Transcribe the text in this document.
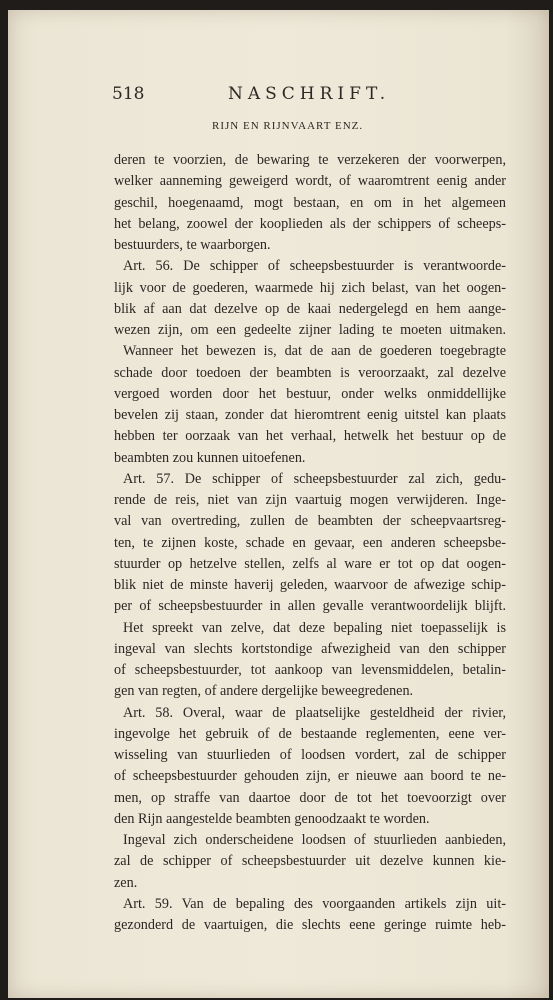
518	NASCHRIFT.
RIJN EN RIJNVAART ENZ.
deren te voorzien, de bewaring te verzekeren der voorwerpen,
welker aanneming geweigerd wordt, of waaromtrent eenig ander
geschil, hoegenaamd, mogt bestaan, en om in het algemeen
het belang, zoowel der kooplieden als der schippers of scheeps-
bestuurders, te waarborgen.
Art. 56. De schipper of scheepsbestuurder is verantwoorde-
lijk voor de goederen, waarmede hij zich belast, van het oogen-
blik af aan dat dezelve op de kaai nedergelegd en hem aange-
wezen zijn, om een gedeelte zijner lading te moeten uitmaken.
Wanneer het bewezen is, dat de aan de goederen toegebragte
schade door toedoen der beambten is veroorzaakt, zal dezelve
vergoed worden door het bestuur, onder welks onmiddellijke
bevelen zij staan, zonder dat hieromtrent eenig uitstel kan plaats
hebben ter oorzaak van het verhaal, hetwelk het bestuur op de
beambten zou kunnen uitoefenen.
Art. 57. De schipper of scheepsbestuurder zal zich, gedu-
rende de reis, niet van zijn vaartuig mogen verwijderen. Inge-
val van overtreding, zullen de beambten der scheepvaartsreg-
ten, te zijnen koste, schade en gevaar, een anderen scheepsbe-
stuurder op hetzelve stellen, zelfs al ware er tot op dat oogen-
blik niet de minste haverij geleden, waarvoor de afwezige schip-
per of scheepsbestuurder in allen gevalle verantwoordelijk blijft.
Het spreekt van zelve, dat deze bepaling niet toepasselijk is
ingeval van slechts kortstondige afwezigheid van den schipper
of scheepsbestuurder, tot aankoop van levensmiddelen, betalin-
gen van regten, of andere dergelijke beweegredenen.
Art. 58. Overal, waar de plaatselijke gesteldheid der rivier,
ingevolge het gebruik of de bestaande reglementen, eene ver-
wisseling van stuurlieden of loodsen vordert, zal de schipper
of scheepsbestuurder gehouden zijn, er nieuwe aan boord te ne-
men, op straffe van daartoe door de tot het toevoorzigt over
den Rijn aangestelde beambten genoodzaakt te worden.
Ingeval zich onderscheidene loodsen of stuurlieden aanbieden,
zal de schipper of scheepsbestuurder uit dezelve kunnen kie-
zen.
Art. 59. Van de bepaling des voorgaanden artikels zijn uit-
gezonderd de vaartuigen, die slechts eene geringe ruimte heb-
